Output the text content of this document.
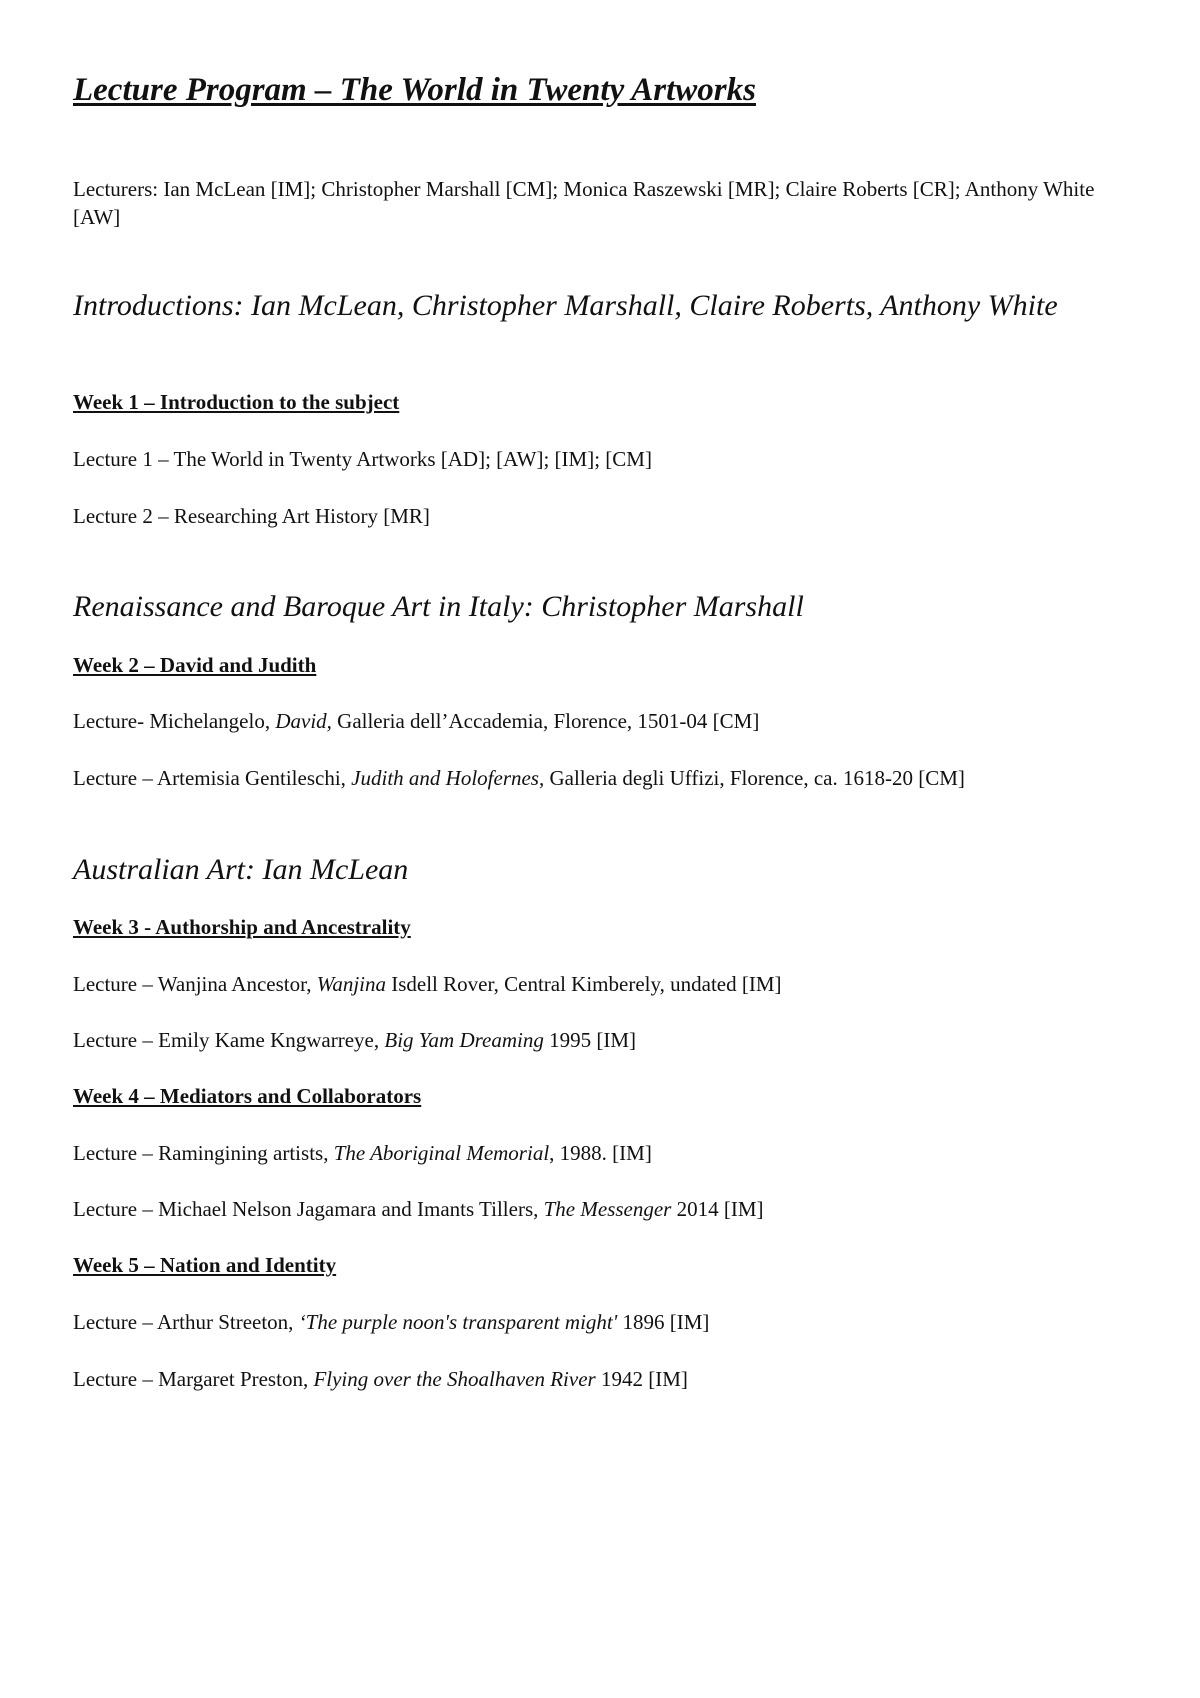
Lecture Program – The World in Twenty Artworks

Lecturers: Ian McLean [IM]; Christopher Marshall [CM]; Monica Raszewski [MR]; Claire Roberts [CR]; Anthony White [AW]

Introductions: Ian McLean, Christopher Marshall, Claire Roberts, Anthony White
Week 1 – Introduction to the subject

Lecture 1 – The World in Twenty Artworks [AD]; [AW]; [IM]; [CM]

Lecture 2 – Researching Art History [MR]

Renaissance and Baroque Art in Italy: Christopher Marshall
Week 2 – David and Judith

Lecture- Michelangelo, David, Galleria dell’Accademia, Florence, 1501-04 [CM]

Lecture – Artemisia Gentileschi, Judith and Holofernes, Galleria degli Uffizi, Florence, ca. 1618-20 [CM]

Australian Art: Ian McLean
Week 3 - Authorship and Ancestrality

Lecture – Wanjina Ancestor, Wanjina Isdell Rover, Central Kimberely, undated [IM]

Lecture – Emily Kame Kngwarreye, Big Yam Dreaming 1995 [IM]

Week 4 – Mediators and Collaborators

Lecture – Ramingining artists, The Aboriginal Memorial, 1988. [IM]

Lecture – Michael Nelson Jagamara and Imants Tillers, The Messenger 2014 [IM]

Week 5 – Nation and Identity

Lecture – Arthur Streeton, ‘The purple noon's transparent might' 1896 [IM]

Lecture – Margaret Preston, Flying over the Shoalhaven River 1942 [IM]
